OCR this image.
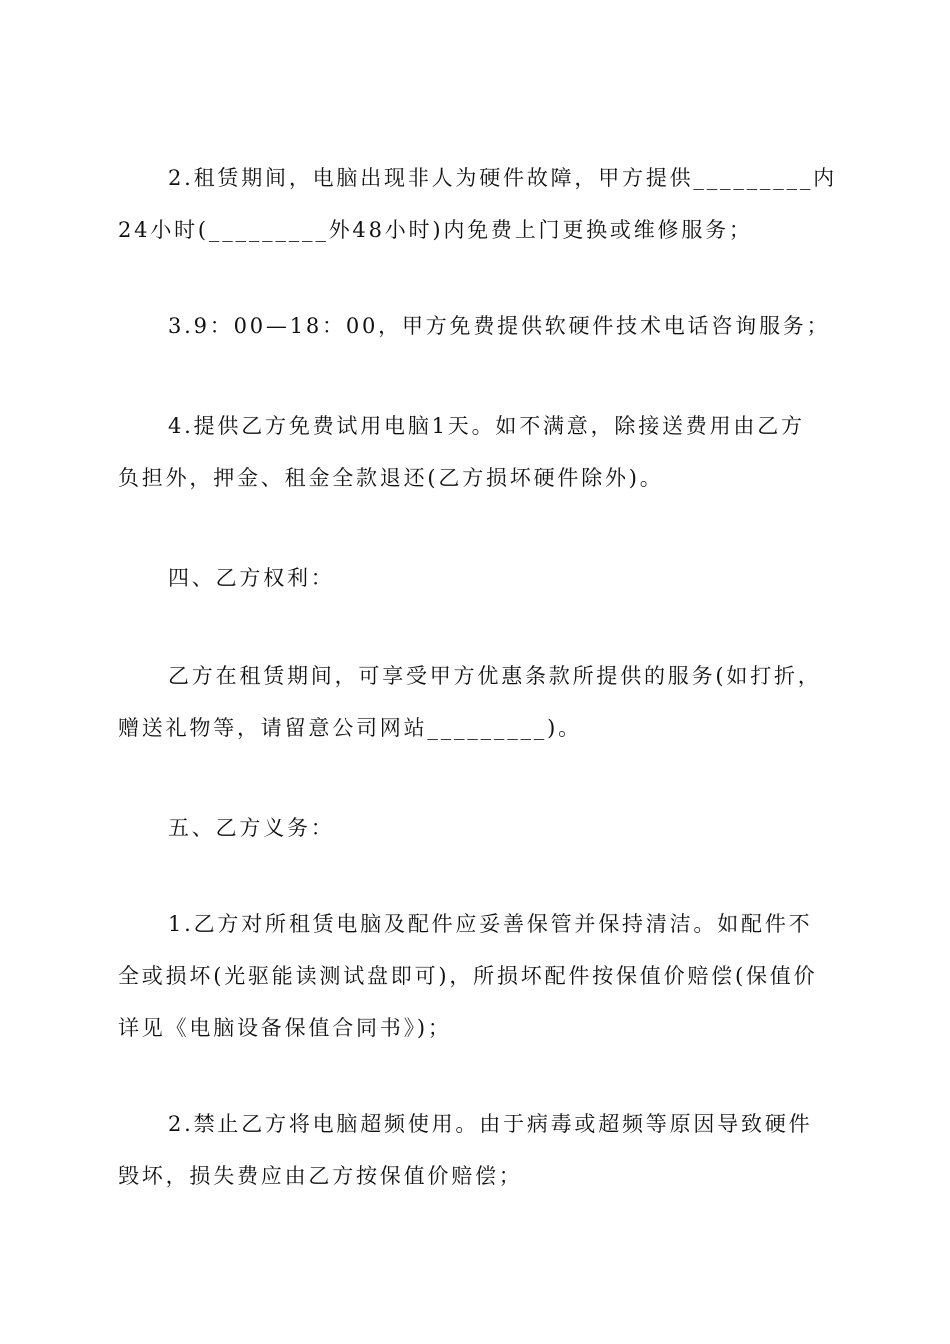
2.租赁期间，电脑出现非人为硬件故障，甲方提供_________内
24小时(_________外48小时)内免费上门更换或维修服务；

3.9：00—18：00，甲方免费提供软硬件技术电话咨询服务；

4.提供乙方免费试用电脑1天。如不满意，除接送费用由乙方
负担外，押金、租金全款退还(乙方损坏硬件除外)。

四、乙方权利：

乙方在租赁期间，可享受甲方优惠条款所提供的服务(如打折，
赠送礼物等，请留意公司网站_________)。

五、乙方义务：

1.乙方对所租赁电脑及配件应妥善保管并保持清洁。如配件不
全或损坏(光驱能读测试盘即可)，所损坏配件按保值价赔偿(保值价
详见《电脑设备保值合同书》)；

2.禁止乙方将电脑超频使用。由于病毒或超频等原因导致硬件
毁坏，损失费应由乙方按保值价赔偿；
